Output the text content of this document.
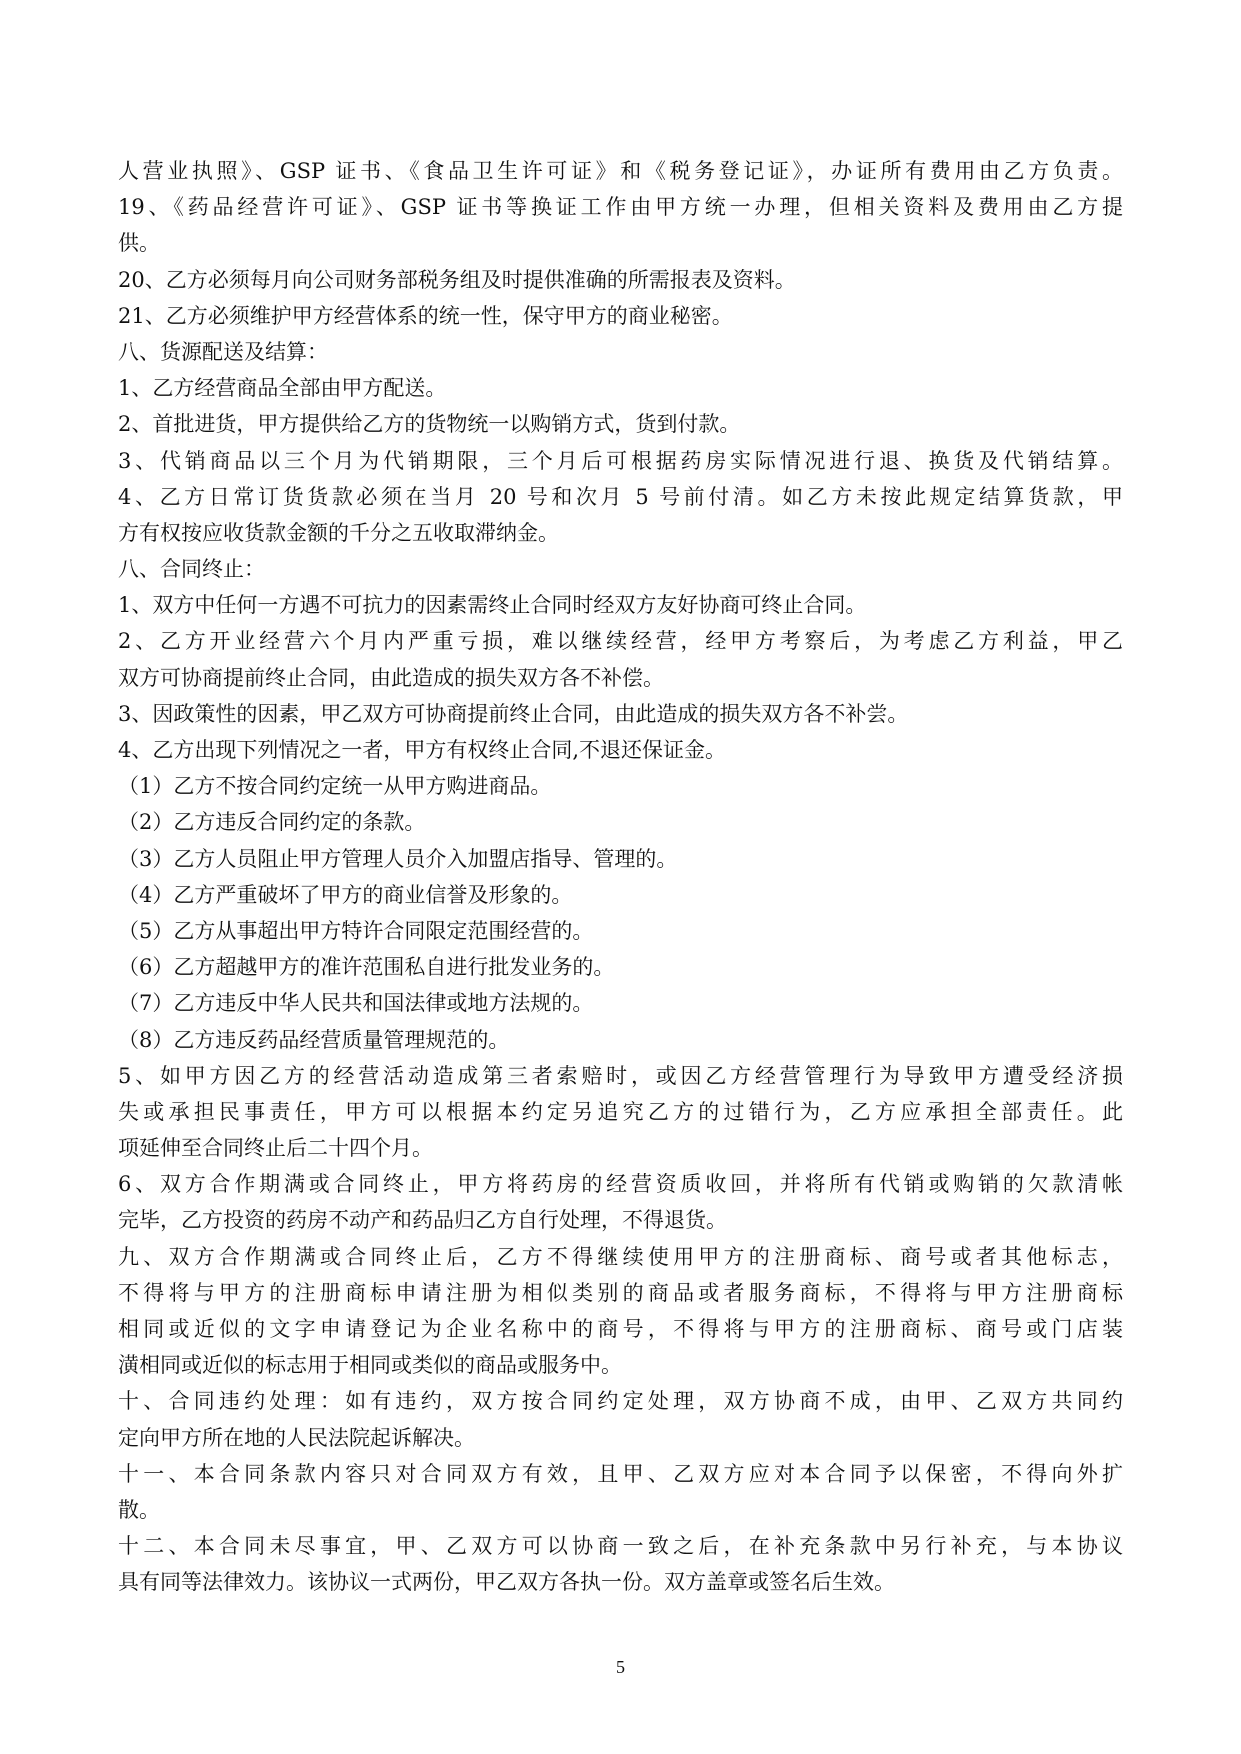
人营业执照》、GSP 证书、《食品卫生许可证》和《税务登记证》，办证所有费用由乙方负责。
19、《药品经营许可证》、GSP 证书等换证工作由甲方统一办理，但相关资料及费用由乙方提
供。
20、乙方必须每月向公司财务部税务组及时提供准确的所需报表及资料。
21、乙方必须维护甲方经营体系的统一性，保守甲方的商业秘密。
八、货源配送及结算：
1、乙方经营商品全部由甲方配送。
2、首批进货，甲方提供给乙方的货物统一以购销方式，货到付款。
3、代销商品以三个月为代销期限，三个月后可根据药房实际情况进行退、换货及代销结算。
4、乙方日常订货货款必须在当月 20 号和次月 5 号前付清。如乙方未按此规定结算货款，甲
方有权按应收货款金额的千分之五收取滞纳金。
八、合同终止：
1、双方中任何一方遇不可抗力的因素需终止合同时经双方友好协商可终止合同。
2、乙方开业经营六个月内严重亏损，难以继续经营，经甲方考察后，为考虑乙方利益，甲乙
双方可协商提前终止合同，由此造成的损失双方各不补偿。
3、因政策性的因素，甲乙双方可协商提前终止合同，由此造成的损失双方各不补尝。
4、乙方出现下列情况之一者，甲方有权终止合同,不退还保证金。
（1）乙方不按合同约定统一从甲方购进商品。
（2）乙方违反合同约定的条款。
（3）乙方人员阻止甲方管理人员介入加盟店指导、管理的。
（4）乙方严重破坏了甲方的商业信誉及形象的。
（5）乙方从事超出甲方特许合同限定范围经营的。
（6）乙方超越甲方的准许范围私自进行批发业务的。
（7）乙方违反中华人民共和国法律或地方法规的。
（8）乙方违反药品经营质量管理规范的。
5、如甲方因乙方的经营活动造成第三者索赔时，或因乙方经营管理行为导致甲方遭受经济损
失或承担民事责任，甲方可以根据本约定另追究乙方的过错行为，乙方应承担全部责任。此
项延伸至合同终止后二十四个月。
6、双方合作期满或合同终止，甲方将药房的经营资质收回，并将所有代销或购销的欠款清帐
完毕，乙方投资的药房不动产和药品归乙方自行处理，不得退货。
九、双方合作期满或合同终止后，乙方不得继续使用甲方的注册商标、商号或者其他标志，
不得将与甲方的注册商标申请注册为相似类别的商品或者服务商标，不得将与甲方注册商标
相同或近似的文字申请登记为企业名称中的商号，不得将与甲方的注册商标、商号或门店装
潢相同或近似的标志用于相同或类似的商品或服务中。
十、合同违约处理：如有违约，双方按合同约定处理，双方协商不成，由甲、乙双方共同约
定向甲方所在地的人民法院起诉解决。
十一、本合同条款内容只对合同双方有效，且甲、乙双方应对本合同予以保密，不得向外扩
散。
十二、本合同未尽事宜，甲、乙双方可以协商一致之后，在补充条款中另行补充，与本协议
具有同等法律效力。该协议一式两份，甲乙双方各执一份。双方盖章或签名后生效。
5
